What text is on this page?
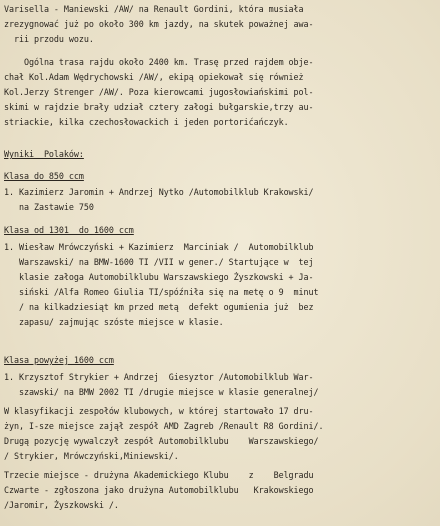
Varisella - Maniewski /AW/ na Renault Gordini, która musiała
zrezygnować już po około 300 km jazdy, na skutek poważnej awa-
rii przodu wozu.
Ogólna trasa rajdu około 2400 km. Trasę przed rajdem obje-
chał Kol.Adam Wędrychowski /AW/, ekipą opiekował się również
Kol.Jerzy Strenger /AW/. Poza kierowcami jugosłowiańskimi pol-
skimi w rajdzie brały udział cztery załogi bułgarskie,trzy au-
striackie, kilka czechosłowackich i jeden portorićańczyk.
Wyniki  Polaków:
Klasa do 850 ccm
1. Kazimierz Jaromin + Andrzej Nytko /Automobilklub Krakowski/
na Zastawie 750
Klasa od 1301  do 1600 ccm
1. Wiesław Mrówczyński + Kazimierz  Marciniak /  Automobilklub
Warszawski/ na BMW-1600 TI /VII w gener./ Startujące w  tej
klasie załoga Automobilklubu Warszawskiego Żyszkowski + Ja-
siński /Alfa Romeo Giulia TI/spóźniła się na metę o 9  minut
/ na kilkadziesiąt km przed metą  defekt ogumienia już  bez
zapasu/ zajmując szóste miejsce w klasie.
Klasa powyżej 1600 ccm
1. Krzysztof Strykier + Andrzej  Giesyztor /Automobilklub War-
szawski/ na BMW 2002 TI /drugie miejsce w klasie generalnej/
W klasyfikacji zespołów klubowych, w której startowało 17 dru-
żyn, I-sze miejsce zajął zespół AMD Zagreb /Renault R8 Gordini/.
Drugą pozycję wywalczył zespół Automobilklubu    Warszawskiego/
/ Strykier, Mrówczyński,Miniewski/.
Trzecie miejsce - drużyna Akademickiego Klubu    z    Belgradu
Czwarte - zgłoszona jako drużyna Automobilklubu   Krakowskiego
/Jaromir, Żyszkowski /.
